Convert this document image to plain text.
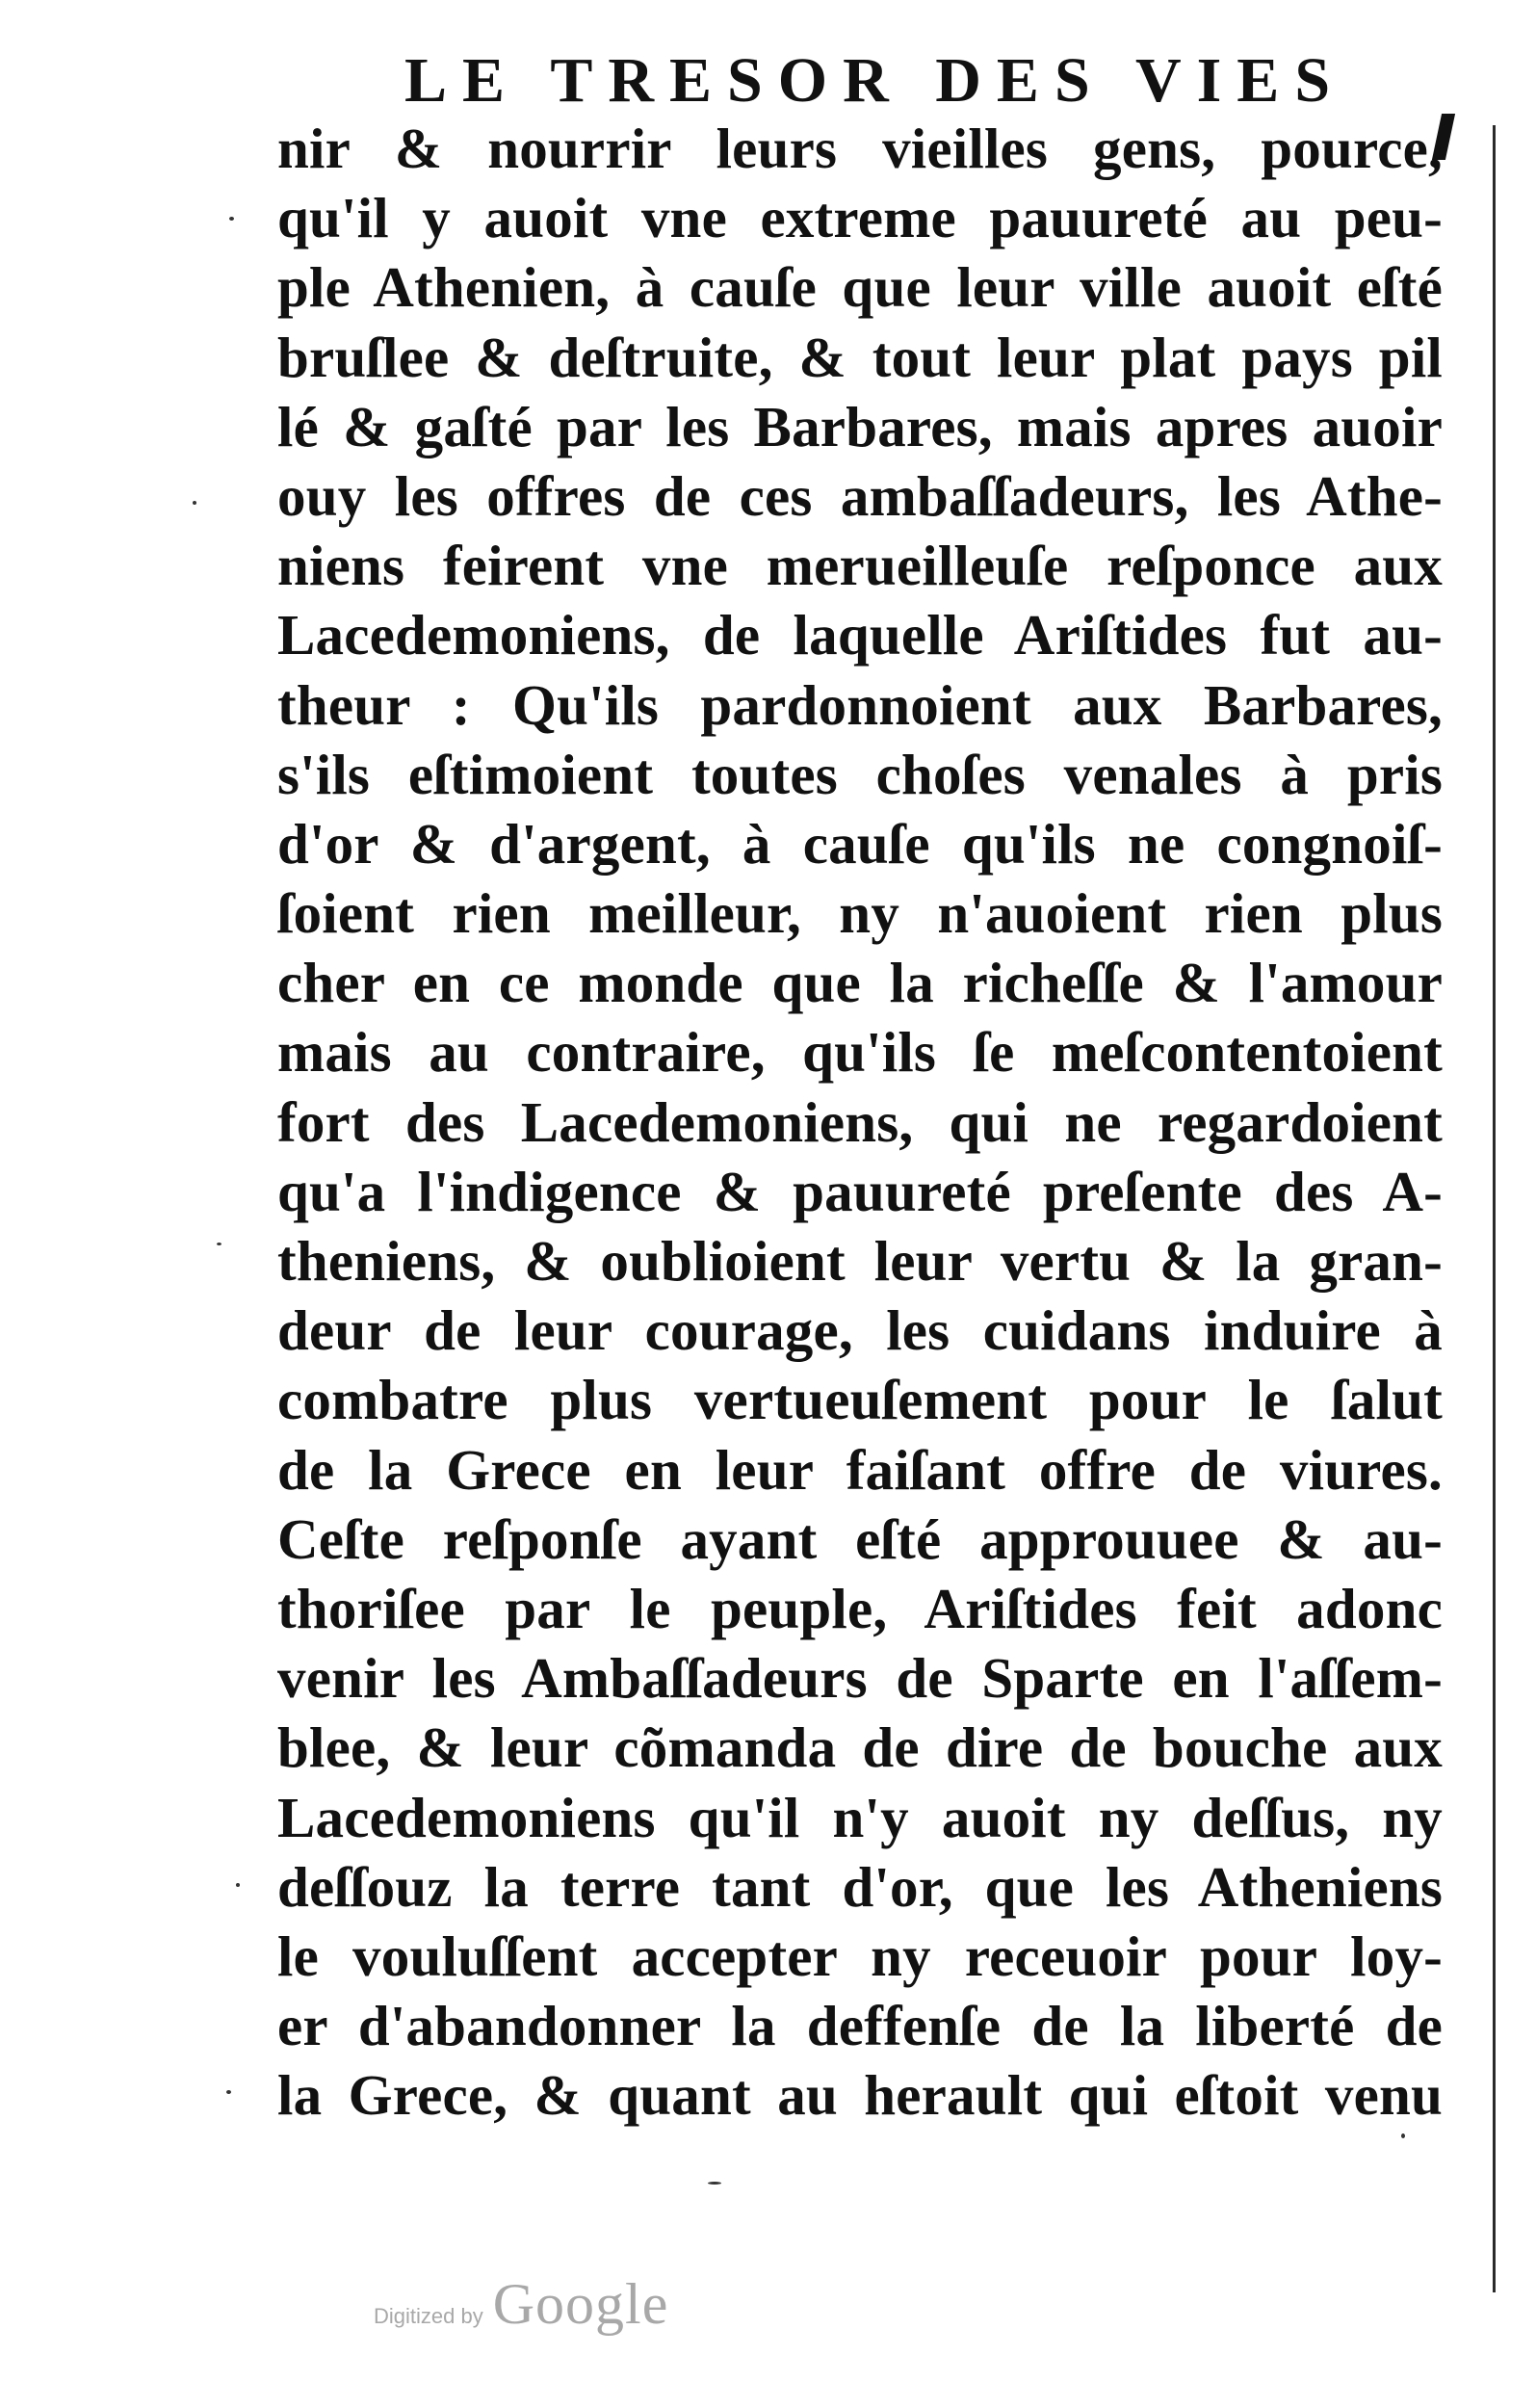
LE TRESOR DES VIES
nir & nourrir leurs vieilles gens, pource,
qu'il y auoit vne extreme pauureté au peu-
ple Athenien, à cauſe que leur ville auoit eſté
bruſlee & deſtruite, & tout leur plat pays pil
lé & gaſté par les Barbares, mais apres auoir
ouy les offres de ces ambaſſadeurs, les Athe-
niens feirent vne merueilleuſe reſponce aux
Lacedemoniens, de laquelle Ariſtides fut au-
theur : Qu'ils pardonnoient aux Barbares,
s'ils eſtimoient toutes choſes venales à pris
d'or & d'argent, à cauſe qu'ils ne congnoiſ-
ſoient rien meilleur, ny n'auoient rien plus
cher en ce monde que la richeſſe & l'amour
mais au contraire, qu'ils ſe meſcontentoient
fort des Lacedemoniens, qui ne regardoient
qu'a l'indigence & pauureté preſente des A-
theniens, & oublioient leur vertu & la gran-
deur de leur courage, les cuidans induire à
combatre plus vertueuſement pour le ſalut
de la Grece en leur faiſant offre de viures.
Ceſte reſponſe ayant eſté approuuee & au-
thoriſee par le peuple, Ariſtides feit adonc
venir les Ambaſſadeurs de Sparte en l'aſſem-
blee, & leur cõmanda de dire de bouche aux
Lacedemoniens qu'il n'y auoit ny deſſus, ny
deſſouz la terre tant d'or, que les Atheniens
le vouluſſent accepter ny receuoir pour loy-
er d'abandonner la deffenſe de la liberté de
la Grece, & quant au herault qui eſtoit venu
Digitized by Google
